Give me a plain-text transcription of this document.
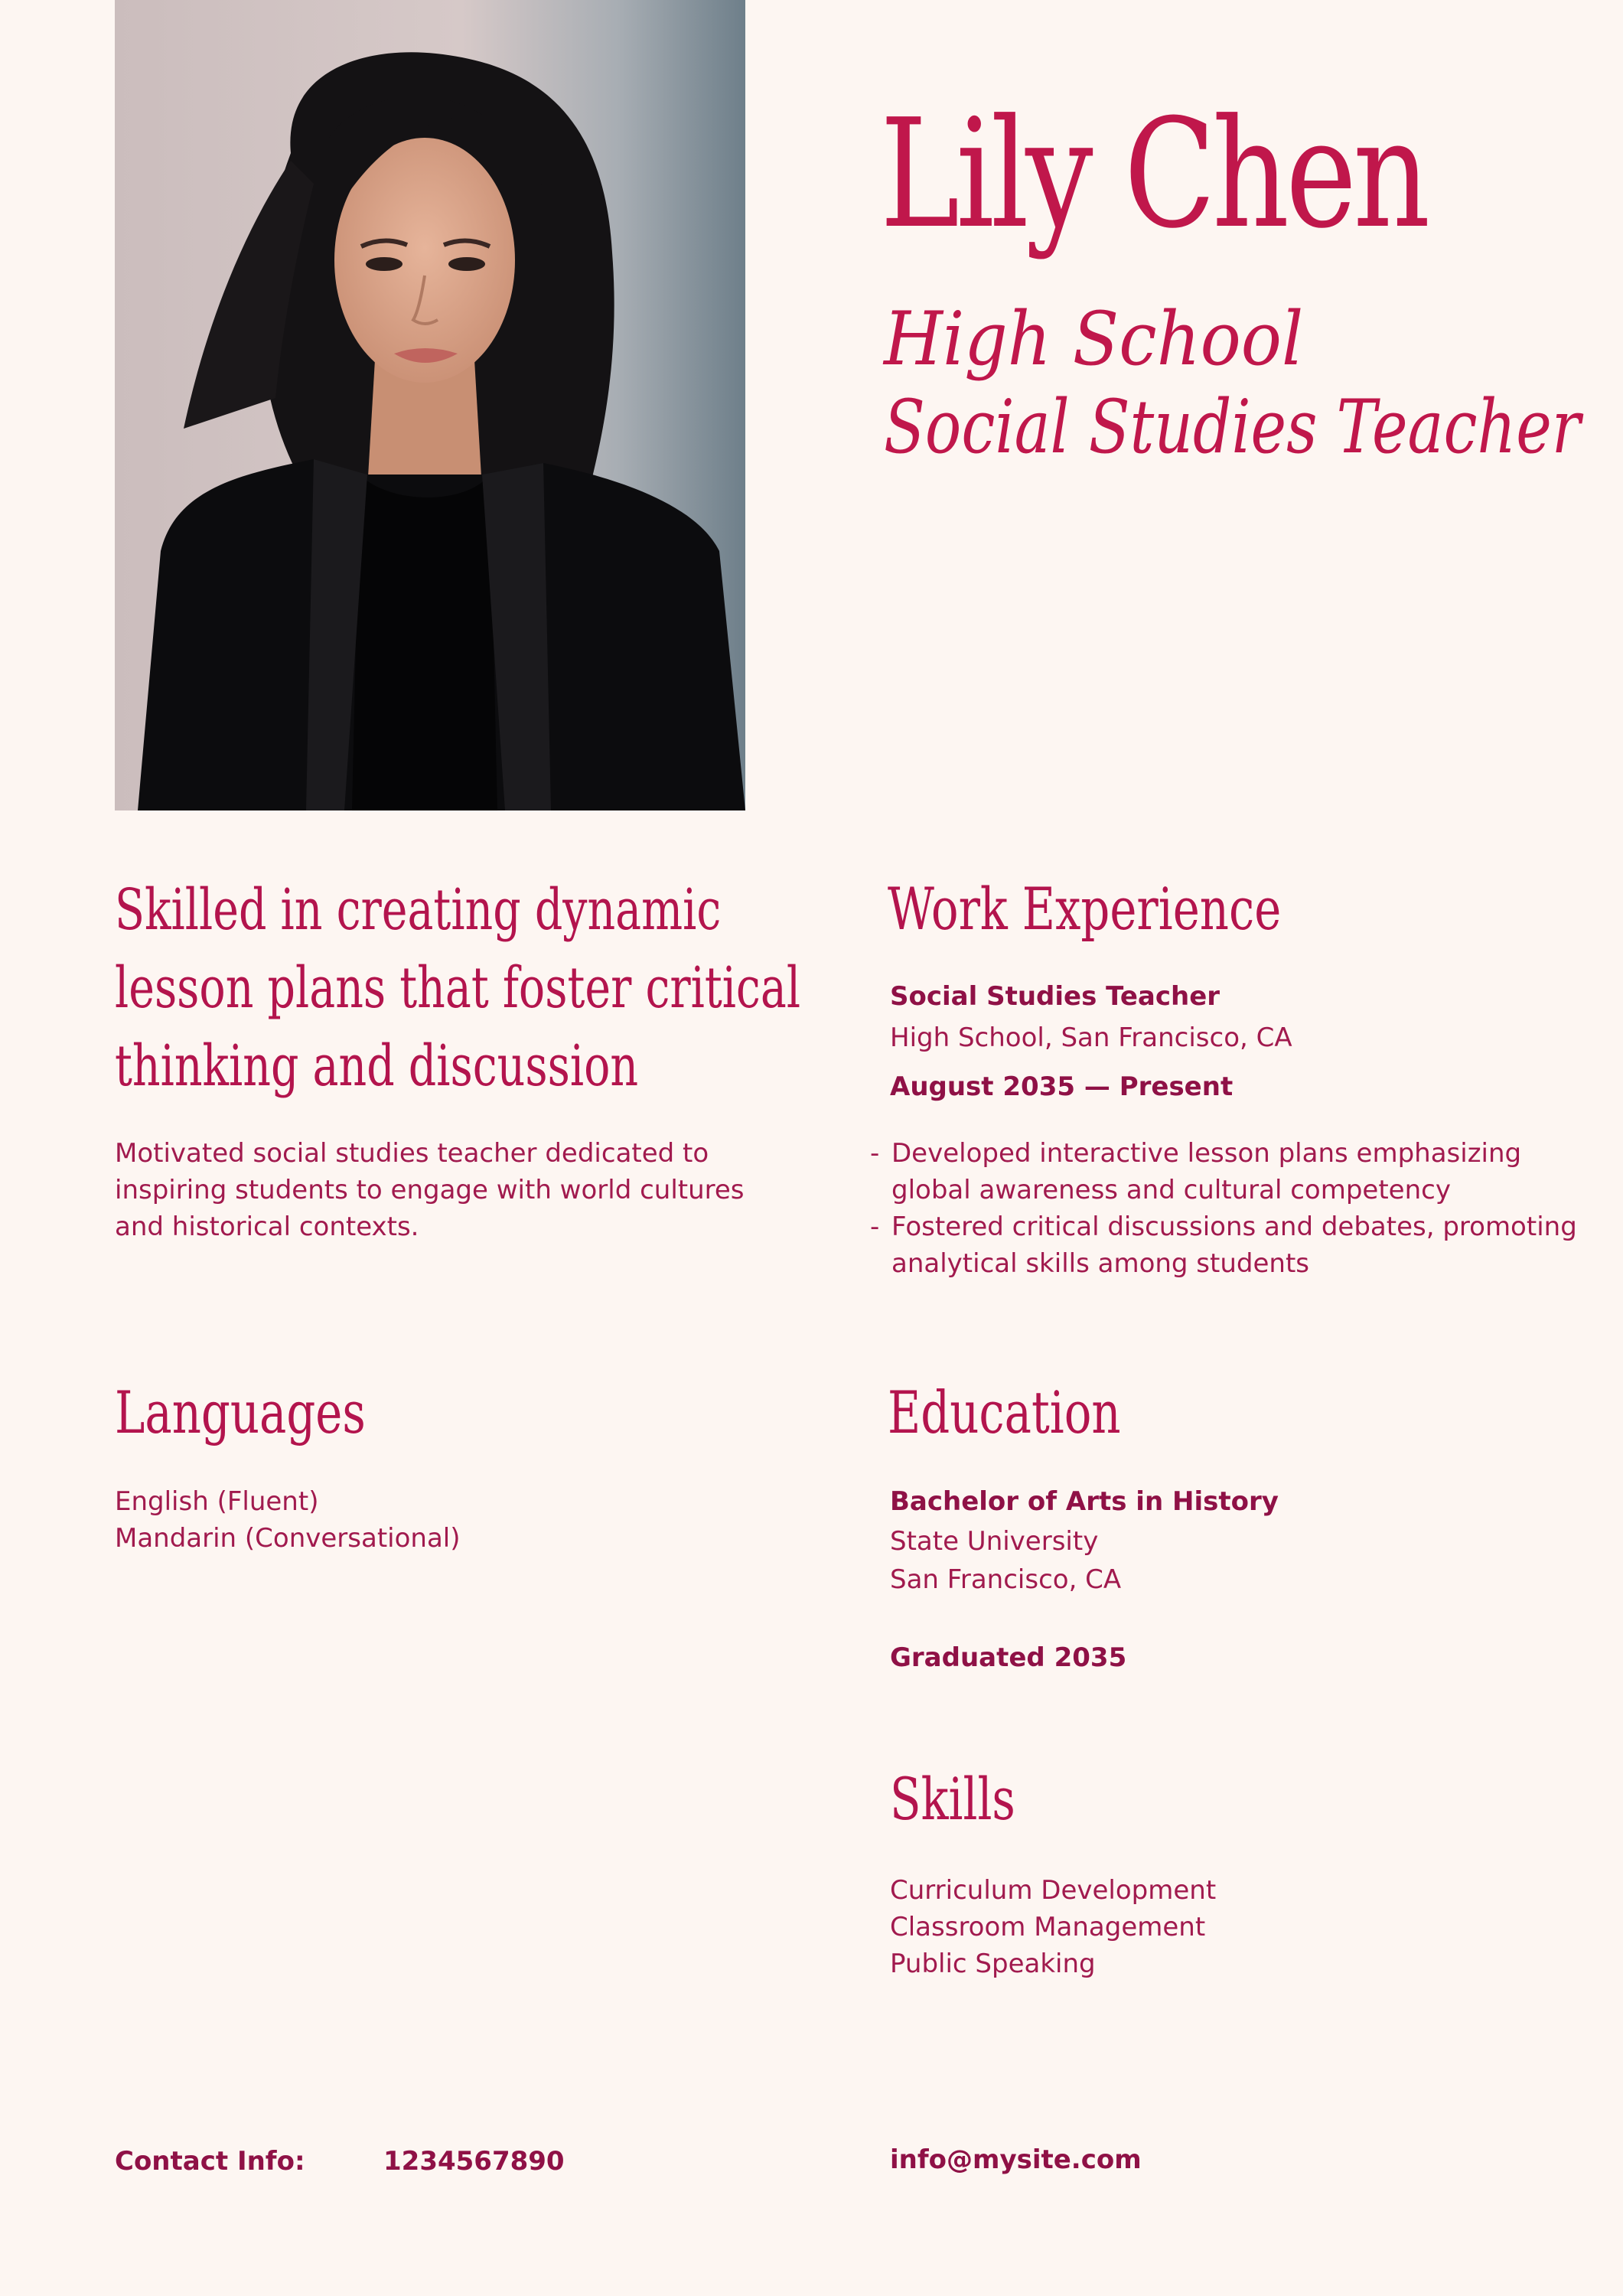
Lily Chen
High School
Social Studies Teacher
Skilled in creating dynamic
lesson plans that foster critical
thinking and discussion
Motivated social studies teacher dedicated to
inspiring students to engage with world cultures
and historical contexts.
Work Experience
Social Studies Teacher
High School, San Francisco, CA
August 2035 — Present
- Developed interactive lesson plans emphasizing
global awareness and cultural competency
- Fostered critical discussions and debates, promoting
analytical skills among students
Languages
English (Fluent)
Mandarin (Conversational)
Education
Bachelor of Arts in History
State University
San Francisco, CA
Graduated 2035
Skills
Curriculum Development
Classroom Management
Public Speaking
Contact Info:	1234567890	info@mysite.com
